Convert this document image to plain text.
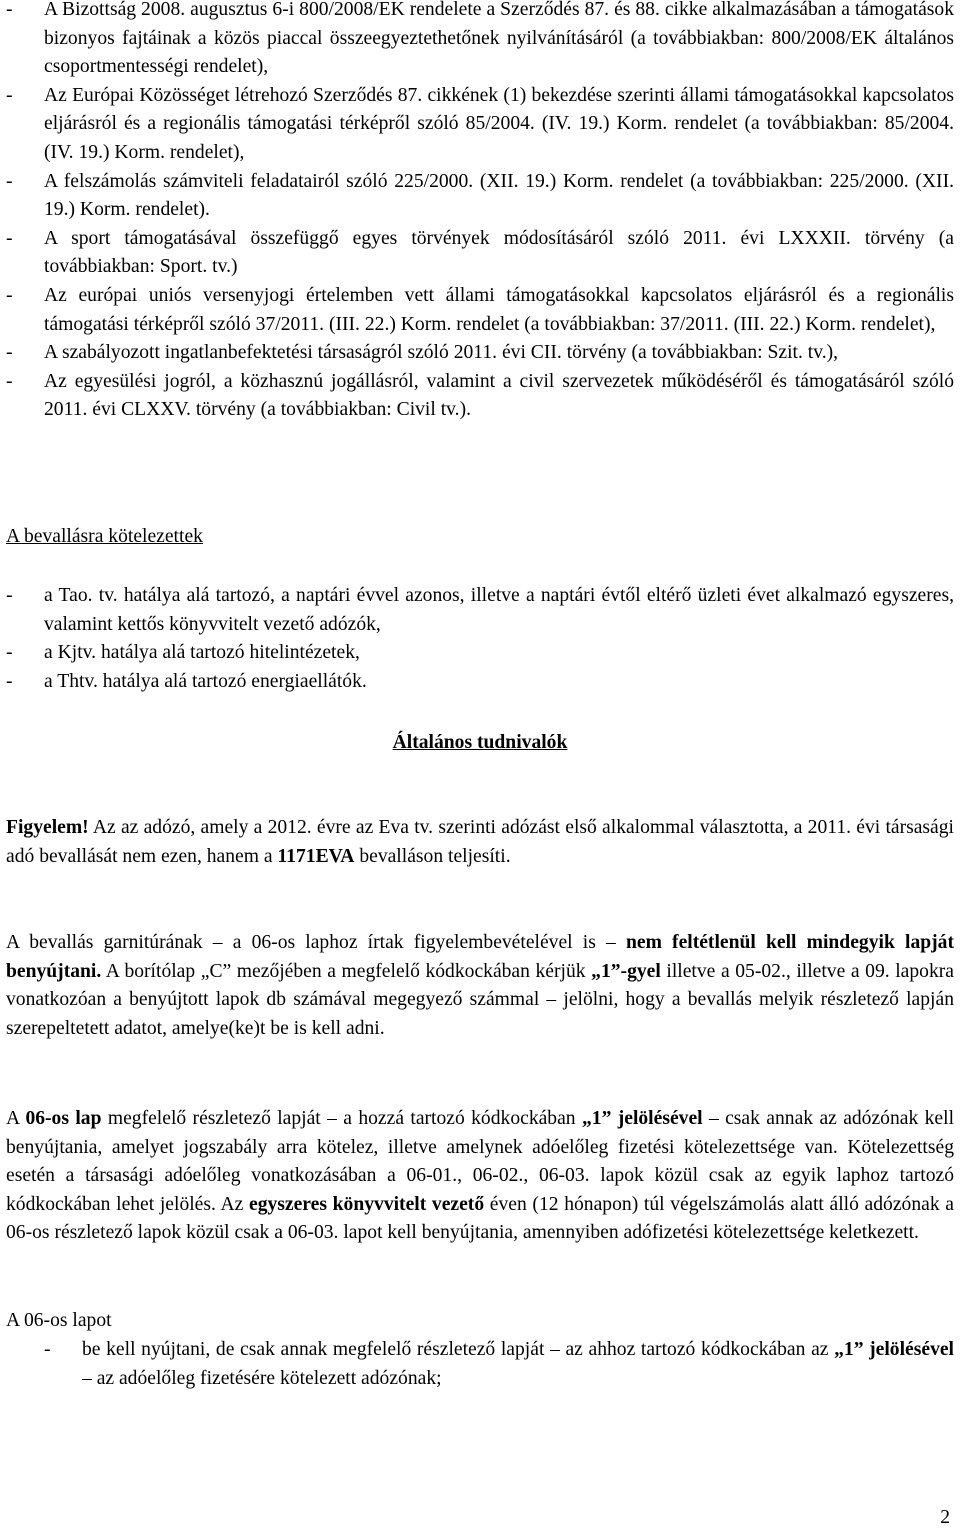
- A Bizottság 2008. augusztus 6-i 800/2008/EK rendelete a Szerződés 87. és 88. cikke alkalmazásában a támogatások bizonyos fajtáinak a közös piaccal összeegyeztethetőnek nyilvánításáról (a továbbiakban: 800/2008/EK általános csoportmentességi rendelet),

- Az Európai Közösséget létrehozó Szerződés 87. cikkének (1) bekezdése szerinti állami támogatásokkal kapcsolatos eljárásról és a regionális támogatási térképről szóló 85/2004. (IV. 19.) Korm. rendelet (a továbbiakban: 85/2004. (IV. 19.) Korm. rendelet),

- A felszámolás számviteli feladatairól szóló 225/2000. (XII. 19.) Korm. rendelet (a továbbiakban: 225/2000. (XII. 19.) Korm. rendelet).

- A sport támogatásával összefüggő egyes törvények módosításáról szóló 2011. évi LXXXII. törvény (a továbbiakban: Sport. tv.)

- Az európai uniós versenyjogi értelemben vett állami támogatásokkal kapcsolatos eljárásról és a regionális támogatási térképről szóló 37/2011. (III. 22.) Korm. rendelet (a továbbiakban: 37/2011. (III. 22.) Korm. rendelet),

- A szabályozott ingatlanbefektetési társaságról szóló 2011. évi CII. törvény (a továbbiakban: Szit. tv.),

- Az egyesülési jogról, a közhasznú jogállásról, valamint a civil szervezetek működéséről és támogatásáról szóló 2011. évi CLXXV. törvény (a továbbiakban: Civil tv.).

A bevallásra kötelezettek

- a Tao. tv. hatálya alá tartozó, a naptári évvel azonos, illetve a naptári évtől eltérő üzleti évet alkalmazó egyszeres, valamint kettős könyvvitelt vezető adózók,

- a Kjtv. hatálya alá tartozó hitelintézetek,

- a Thtv. hatálya alá tartozó energiaellátók.

Általános tudnivalók

Figyelem! Az az adózó, amely a 2012. évre az Eva tv. szerinti adózást első alkalommal választotta, a 2011. évi társasági adó bevallását nem ezen, hanem a 1171EVA bevalláson teljesíti.

A bevallás garnitúrának – a 06-os laphoz írtak figyelembevételével is – nem feltétlenül kell mindegyik lapját benyújtani. A borítólap „C” mezőjében a megfelelő kódkockában kérjük „1”-gyel illetve a 05-02., illetve a 09. lapokra vonatkozóan a benyújtott lapok db számával megegyező számmal – jelölni, hogy a bevallás melyik részletező lapján szerepeltetett adatot, amelye(ke)t be is kell adni.

A 06-os lap megfelelő részletező lapját – a hozzá tartozó kódkockában „1” jelölésével – csak annak az adózónak kell benyújtania, amelyet jogszabály arra kötelez, illetve amelynek adóelőleg fizetési kötelezettsége van. Kötelezettség esetén a társasági adóelőleg vonatkozásában a 06-01., 06-02., 06-03. lapok közül csak az egyik laphoz tartozó kódkockában lehet jelölés. Az egyszeres könyvvitelt vezető éven (12 hónapon) túl végelszámolás alatt álló adózónak a 06-os részletező lapok közül csak a 06-03. lapot kell benyújtania, amennyiben adófizetési kötelezettsége keletkezett.

A 06-os lapot

- be kell nyújtani, de csak annak megfelelő részletező lapját – az ahhoz tartozó kódkockában az „1” jelölésével – az adóelőleg fizetésére kötelezett adózónak;

2
